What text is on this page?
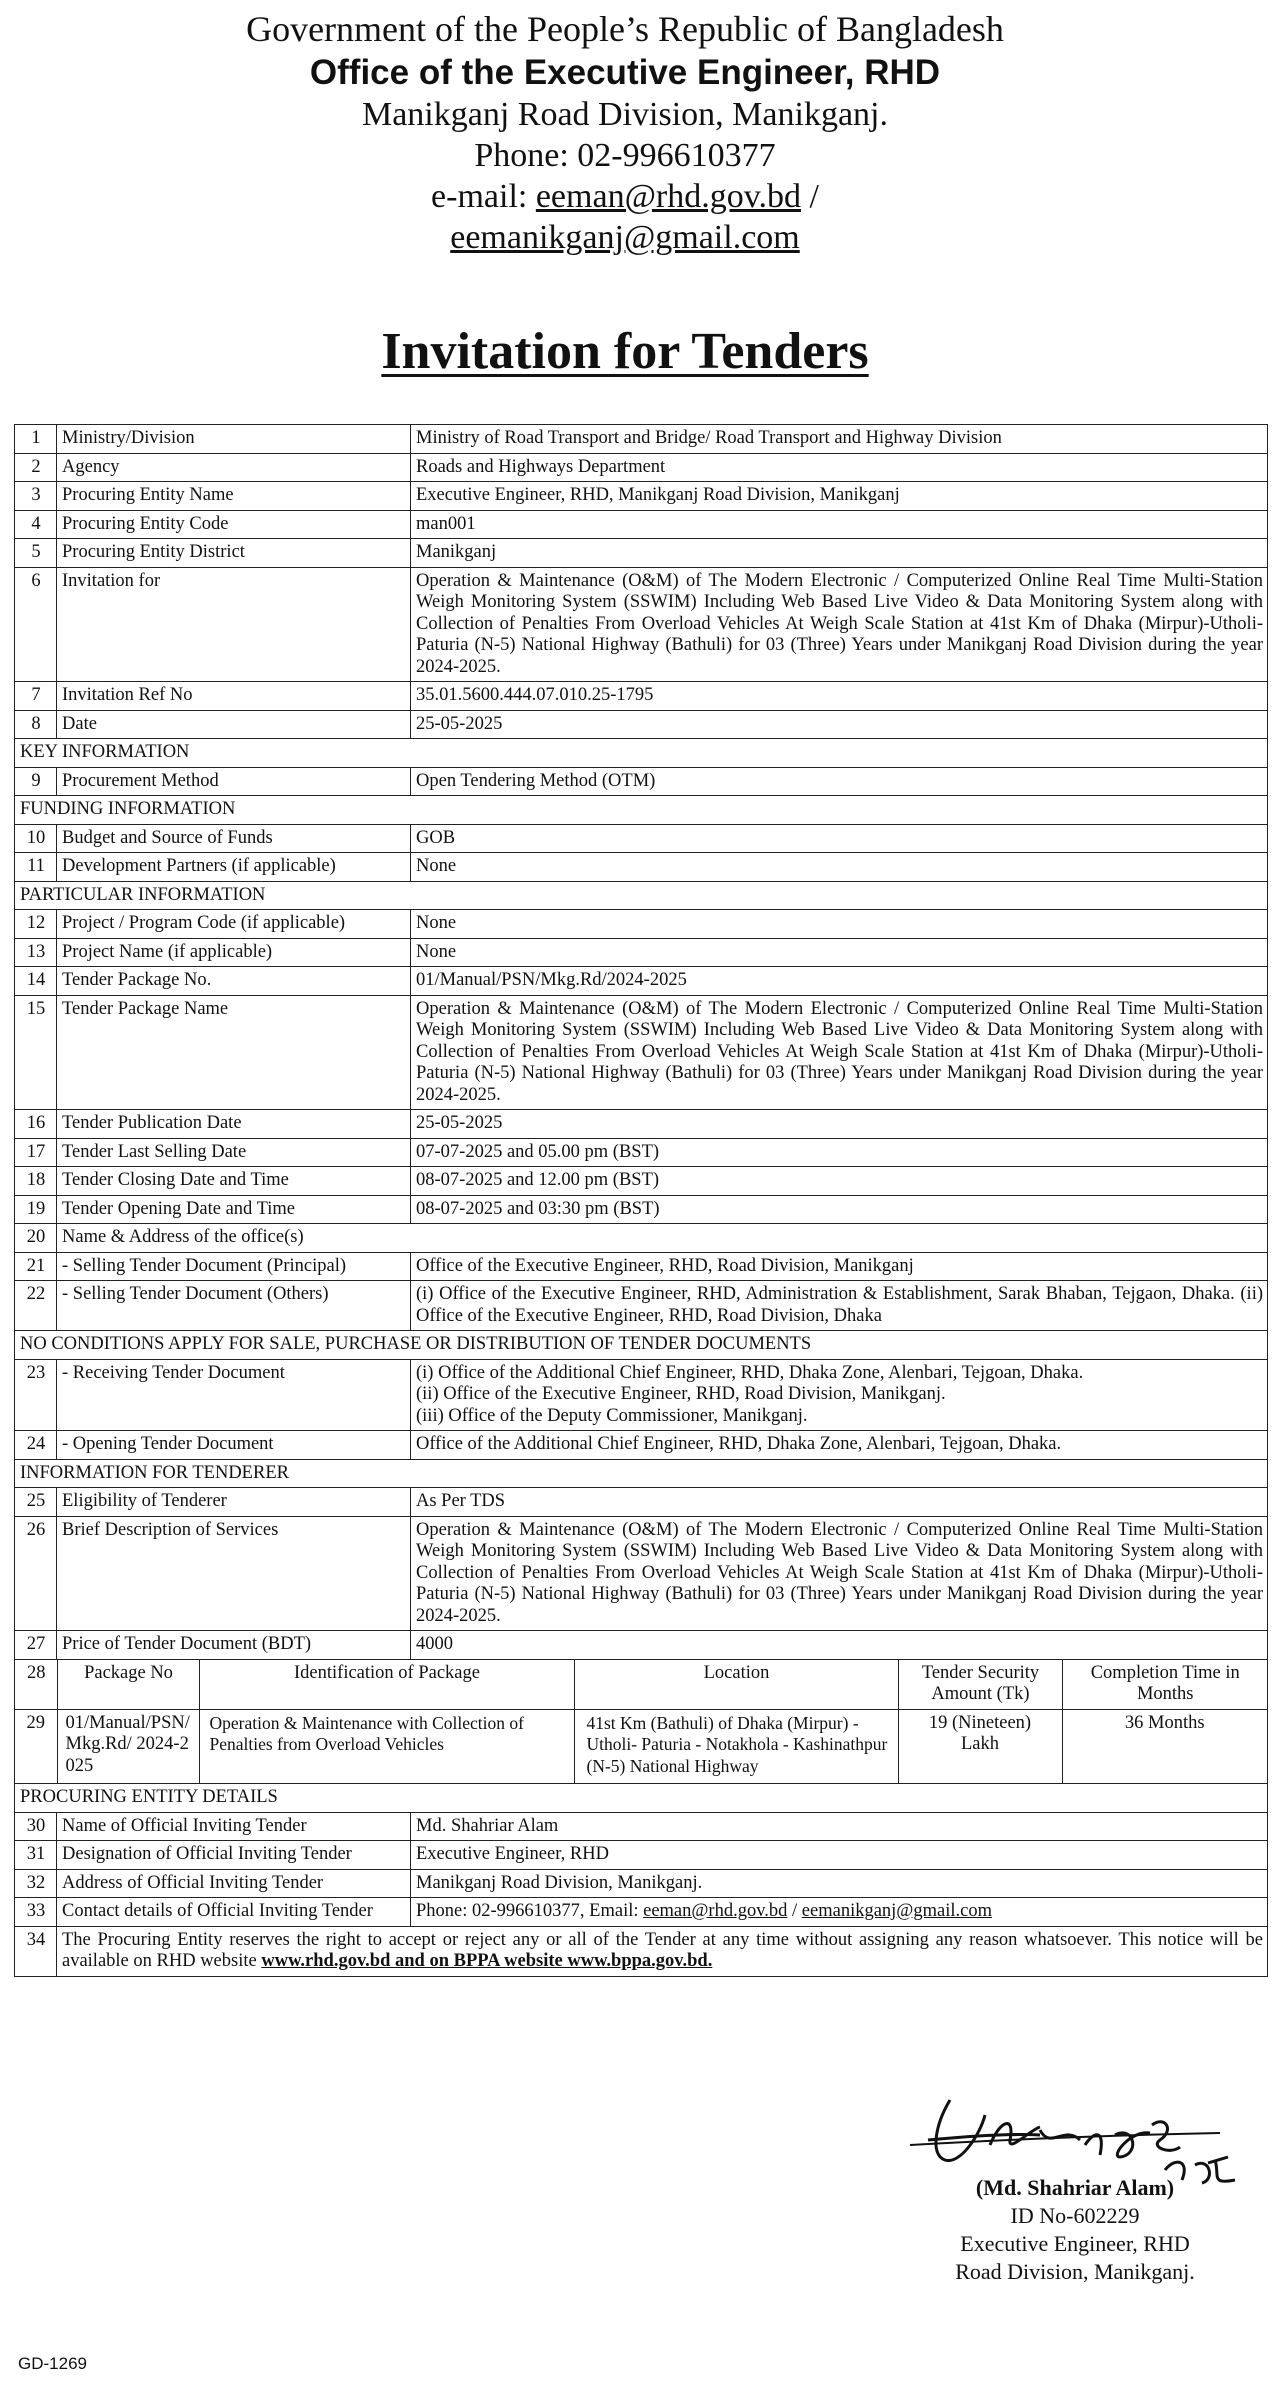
Government of the People’s Republic of Bangladesh
Office of the Executive Engineer, RHD
Manikganj Road Division, Manikganj.
Phone: 02-996610377
e-mail: eeman@rhd.gov.bd /
eemanikganj@gmail.com
Invitation for Tenders
1	Ministry/Division	Ministry of Road Transport and Bridge/ Road Transport and Highway Division
2	Agency	Roads and Highways Department
3	Procuring Entity Name	Executive Engineer, RHD, Manikganj Road Division, Manikganj
4	Procuring Entity Code	man001
5	Procuring Entity District	Manikganj
6	Invitation for	Operation & Maintenance (O&M) of The Modern Electronic / Computerized Online Real Time Multi-Station Weigh Monitoring System (SSWIM) Including Web Based Live Video & Data Monitoring System along with Collection of Penalties From Overload Vehicles At Weigh Scale Station at 41st Km of Dhaka (Mirpur)-Utholi-Paturia (N-5) National Highway (Bathuli) for 03 (Three) Years under Manikganj Road Division during the year 2024-2025.
7	Invitation Ref No	35.01.5600.444.07.010.25-1795
8	Date	25-05-2025
KEY INFORMATION
9	Procurement Method	Open Tendering Method (OTM)
FUNDING INFORMATION
10	Budget and Source of Funds	GOB
11	Development Partners (if applicable)	None
PARTICULAR INFORMATION
12	Project / Program Code (if applicable)	None
13	Project Name (if applicable)	None
14	Tender Package No.	01/Manual/PSN/Mkg.Rd/2024-2025
15	Tender Package Name	Operation & Maintenance (O&M) of The Modern Electronic / Computerized Online Real Time Multi-Station Weigh Monitoring System (SSWIM) Including Web Based Live Video & Data Monitoring System along with Collection of Penalties From Overload Vehicles At Weigh Scale Station at 41st Km of Dhaka (Mirpur)-Utholi-Paturia (N-5) National Highway (Bathuli) for 03 (Three) Years under Manikganj Road Division during the year 2024-2025.
16	Tender Publication Date	25-05-2025
17	Tender Last Selling Date	07-07-2025 and 05.00 pm (BST)
18	Tender Closing Date and Time	08-07-2025 and 12.00 pm (BST)
19	Tender Opening Date and Time	08-07-2025 and 03:30 pm (BST)
20	Name & Address of the office(s)
21	- Selling Tender Document (Principal)	Office of the Executive Engineer, RHD, Road Division, Manikganj
22	- Selling Tender Document (Others)	(i) Office of the Executive Engineer, RHD, Administration & Establishment, Sarak Bhaban, Tejgaon, Dhaka. (ii) Office of the Executive Engineer, RHD, Road Division, Dhaka
NO CONDITIONS APPLY FOR SALE, PURCHASE OR DISTRIBUTION OF TENDER DOCUMENTS
23	- Receiving Tender Document	(i) Office of the Additional Chief Engineer, RHD, Dhaka Zone, Alenbari, Tejgoan, Dhaka.
(ii) Office of the Executive Engineer, RHD, Road Division, Manikganj.
(iii) Office of the Deputy Commissioner, Manikganj.

24	- Opening Tender Document	Office of the Additional Chief Engineer, RHD, Dhaka Zone, Alenbari, Tejgoan, Dhaka.
INFORMATION FOR TENDERER
25	Eligibility of Tenderer	As Per TDS
26	Brief Description of Services	Operation & Maintenance (O&M) of The Modern Electronic / Computerized Online Real Time Multi-Station Weigh Monitoring System (SSWIM) Including Web Based Live Video & Data Monitoring System along with Collection of Penalties From Overload Vehicles At Weigh Scale Station at 41st Km of Dhaka (Mirpur)-Utholi-Paturia (N-5) National Highway (Bathuli) for 03 (Three) Years under Manikganj Road Division during the year 2024-2025.
27	Price of Tender Document (BDT)	4000

28	Package No	Identification of Package	Location	Tender Security Amount (Tk)	Completion Time in Months
29	01/Manual/PSN/Mkg.Rd/ 2024-2025	Operation & Maintenance with Collection of Penalties from Overload Vehicles	41st Km (Bathuli) of Dhaka (Mirpur) - Utholi- Paturia - Notakhola - Kashinathpur (N-5) National Highway	19 (Nineteen) Lakh	36 Months

PROCURING ENTITY DETAILS
30	Name of Official Inviting Tender	Md. Shahriar Alam
31	Designation of Official Inviting Tender	Executive Engineer, RHD
32	Address of Official Inviting Tender	Manikganj Road Division, Manikganj.
33	Contact details of Official Inviting Tender	Phone: 02-996610377, Email: eeman@rhd.gov.bd / eemanikganj@gmail.com
34	The Procuring Entity reserves the right to accept or reject any or all of the Tender at any time without assigning any reason whatsoever. This notice will be available on RHD website www.rhd.gov.bd and on BPPA website www.bppa.gov.bd.
(Md. Shahriar Alam)
ID No-602229
Executive Engineer, RHD
Road Division, Manikganj.
GD-1269
